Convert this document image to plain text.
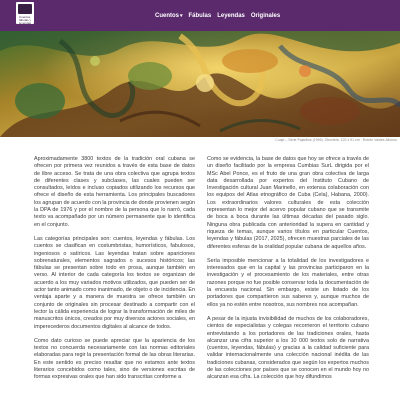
Cuentos, fábulas y leyendas
Cuentos▾ Fábulas Leyendas Originales
Cuaje – Serie Pajarillos (1995). Óleo/tela. 122 x 91 cm · Rubén Valdés Alfonso

Aproximadamente 3800 textos de la tradición oral cubana se ofrecen por primera vez reunidos a través de esta base de datos de libre acceso. Se trata de una obra colectiva que agrupa textos de diferentes clases y subclases, las cuales pueden ser consultados, leídos e incluso copiados utilizando los recursos que ofrece el diseño de esta herramienta. Los principales buscadores los agrupan de acuerdo con la provincia de donde provienen según la DPA de 1976 y por el nombre de la persona que lo narró, cada texto va acompañado por un número permanente que lo identifica en el conjunto.

Las categorías principales son: cuentos, leyendas y fábulas. Los cuentos se clasifican en costumbristas, humorísticos, fabulosos, ingeniosos o satíricos. Las leyendas tratan sobre apariciones sobrenaturales, elementos sagrados o sucesos históricos; las fábulas se presentan sobre todo en prosa, aunque también en verso. Al interior de cada categoría los textos se organizan de acuerdo a los muy variados motivos utilizados, que pueden ser de actor tanto animado como inanimado, de objeto o de incidencia. En ventaja aparte y a manera de muestra se ofrece también un conjunto de originales sin procesar destinado a compartir con el lector la cálida experiencia de lograr la transformación de miles de manuscritos únicos, creados por muy diversos actores sociales, en imperecederos documentos digitales al alcance de todos.

Como dato curioso se puede apreciar que la apariencia de los textos no concuerda necesariamente con las normas editoriales elaboradas para regir la presentación formal de las obras literarias. En este sentido es preciso resaltar que no estamos ante textos literarios concebidos como tales, sino de versiones escritas de formas expresivas orales que han sido transcritas conforme a

Como se evidencia, la base de datos que hoy se ofrece a través de un diseño facilitado por la empresa Cumbias SurL dirigida por el MSc Abel Ponce, es el fruto de una gran obra colectiva de larga data desarrollada por expertos del Instituto Cubano de Investigación cultural Juan Marinello, en extensa colaboración con los equipos del Atlas etnográfico de Cuba (Cela), Habana, 2000). Los extraordinarios valores culturales de esta colección representan lo mejor del acervo popular cubano que se transmite de boca a boca durante las últimas décadas del pasado siglo. Ninguna obra publicada con anterioridad la supera en cantidad y riqueza de temas, aunque varios títulos en particular Cuentos, leyendas y fábulas (2017, 2025), ofrecen muestras parciales de las diferentes esferas de la oralidad popular cubana de aquellos años.

Sería imposible mencionar a la totalidad de los investigadores e interesados que en la capital y las provincias participaron en la investigación y el procesamiento de los materiales, entre otras razones porque no fue posible conservar toda la documentación de la encuesta nacional. Sin embargo, existe un listado de los portadores que compartieron sus saberes y, aunque muchos de ellos ya no estén entre nosotros, sus nombres nos acompañan.

A pesar de la injusta invisibilidad de muchos de los colaboradores, cientos de especialistas y colegas recorrieron el territorio cubano entrevistando a los portadores de las tradiciones orales, hasta alcanzar una cifra superior a los 10 000 textos solo de narrativa (cuentos, leyendas, fábulas) y gracias a la calidad suficiente para validar internacionalmente una colección nacional inédita de las tradiciones cubanas, considerados que según los expertos muchos de las colecciones por países que se conocen en el mundo hoy no alcanzan esa cifra. La colección que hoy difundimos
